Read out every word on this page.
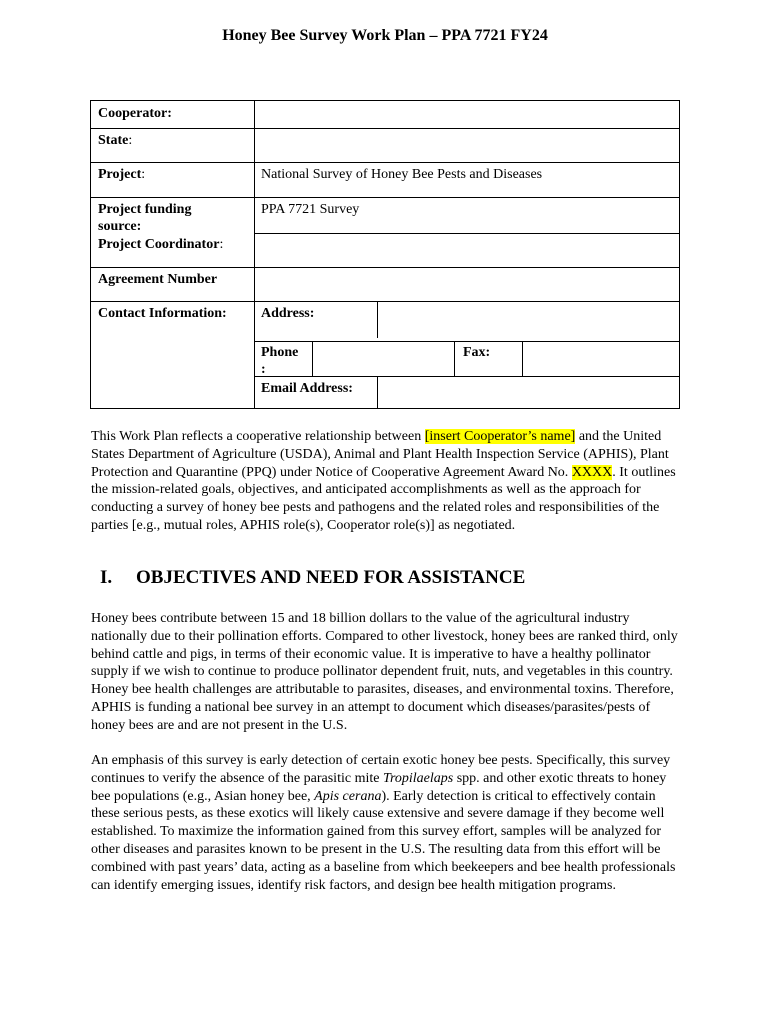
Honey Bee Survey Work Plan – PPA 7721 FY24
Cooperator:
State:
Project:
Project funding
source:
Project Coordinator:
Agreement Number
Contact Information:
National Survey of Honey Bee Pests and Diseases
PPA 7721 Survey
Address:
Phone
:
Fax:
Email Address:
This Work Plan reflects a cooperative relationship between [insert Cooperator’s name] and the United States Department of Agriculture (USDA), Animal and Plant Health Inspection Service (APHIS), Plant Protection and Quarantine (PPQ) under Notice of Cooperative Agreement Award No. XXXX. It outlines the mission-related goals, objectives, and anticipated accomplishments as well as the approach for conducting a survey of honey bee pests and pathogens and the related roles and responsibilities of the parties [e.g., mutual roles, APHIS role(s), Cooperator role(s)] as negotiated.
I. OBJECTIVES AND NEED FOR ASSISTANCE
Honey bees contribute between 15 and 18 billion dollars to the value of the agricultural industry nationally due to their pollination efforts. Compared to other livestock, honey bees are ranked third, only behind cattle and pigs, in terms of their economic value. It is imperative to have a healthy pollinator supply if we wish to continue to produce pollinator dependent fruit, nuts, and vegetables in this country. Honey bee health challenges are attributable to parasites, diseases, and environmental toxins. Therefore, APHIS is funding a national bee survey in an attempt to document which diseases/parasites/pests of honey bees are and are not present in the U.S.
An emphasis of this survey is early detection of certain exotic honey bee pests. Specifically, this survey continues to verify the absence of the parasitic mite Tropilaelaps spp. and other exotic threats to honey bee populations (e.g., Asian honey bee, Apis cerana). Early detection is critical to effectively contain these serious pests, as these exotics will likely cause extensive and severe damage if they become well established. To maximize the information gained from this survey effort, samples will be analyzed for other diseases and parasites known to be present in the U.S. The resulting data from this effort will be combined with past years’ data, acting as a baseline from which beekeepers and bee health professionals can identify emerging issues, identify risk factors, and design bee health mitigation programs.
